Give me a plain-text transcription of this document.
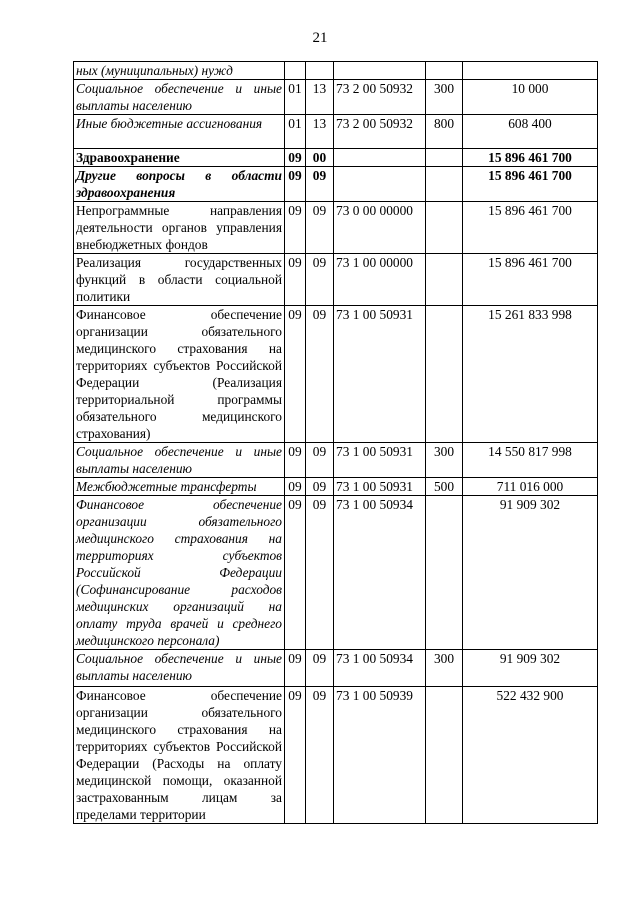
21
ных (муниципальных) нужд					
Социальное обеспечение и иные выплаты населению	01	13	73 2 00 50932	300	10 000
Иные бюджетные ассигнования	01	13	73 2 00 50932	800	608 400
Здравоохранение	09	00			15 896 461 700
Другие вопросы в области здравоохранения	09	09			15 896 461 700
Непрограммные направления деятельности органов управления внебюджетных фондов	09	09	73 0 00 00000		15 896 461 700
Реализация государственных функций в области социальной политики	09	09	73 1 00 00000		15 896 461 700
Финансовое обеспечение организации обязательного медицинского страхования на территориях субъектов Российской Федерации (Реализация территориальной программы обязательного медицинского страхования)	09	09	73 1 00 50931		15 261 833 998
Социальное обеспечение и иные выплаты населению	09	09	73 1 00 50931	300	14 550 817 998
Межбюджетные трансферты	09	09	73 1 00 50931	500	711 016 000
Финансовое обеспечение организации обязательного медицинского страхования на территориях субъектов Российской Федерации (Софинансирование расходов медицинских организаций на оплату труда врачей и среднего медицинского персонала)	09	09	73 1 00 50934		91 909 302
Социальное обеспечение и иные выплаты населению	09	09	73 1 00 50934	300	91 909 302
Финансовое обеспечение организации обязательного медицинского страхования на территориях субъектов Российской Федерации (Расходы на оплату медицинской помощи, оказанной застрахованным лицам за пределами территории	09	09	73 1 00 50939		522 432 900
